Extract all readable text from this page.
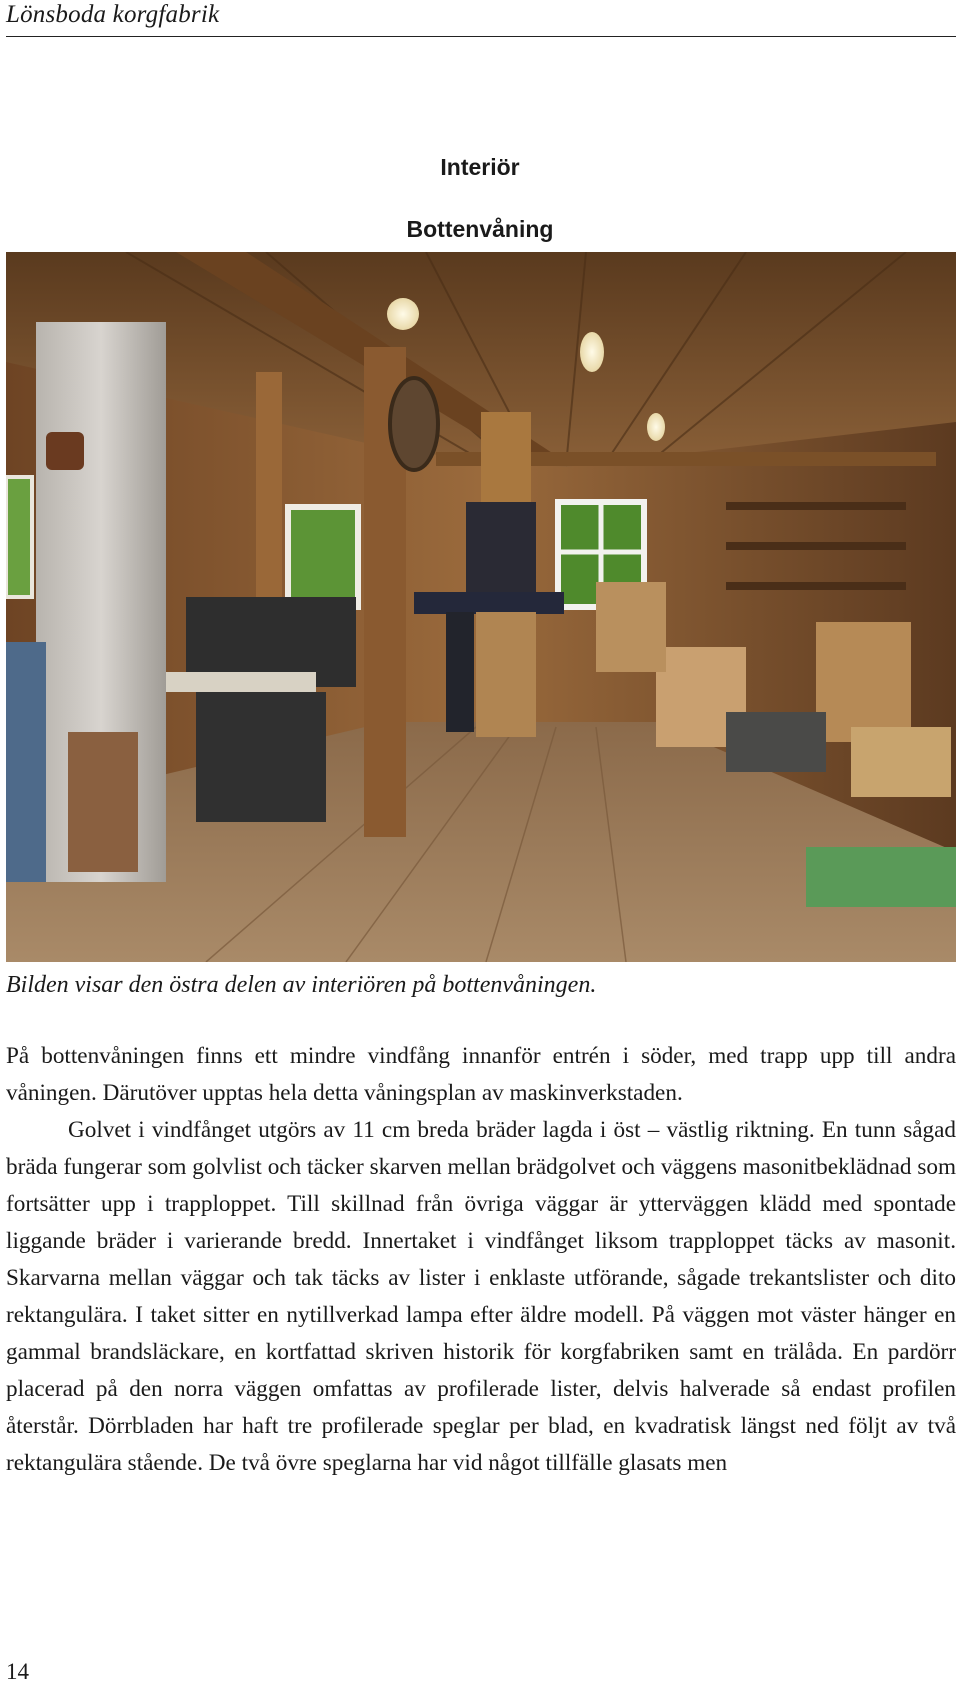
Lönsboda korgfabrik
Interiör
Bottenvåning
Bilden visar den östra delen av interiören på bottenvåningen.

På bottenvåningen finns ett mindre vindfång innanför entrén i söder, med trapp upp till andra våningen. Därutöver upptas hela detta våningsplan av maskinverkstaden.

Golvet i vindfånget utgörs av 11 cm breda bräder lagda i öst – västlig riktning. En tunn sågad bräda fungerar som golvlist och täcker skarven mellan brädgolvet och väggens masonitbeklädnad som fortsätter upp i trapploppet. Till skillnad från övriga väggar är ytterväggen klädd med spontade liggande bräder i varierande bredd. Innertaket i vindfånget liksom trapploppet täcks av masonit. Skarvarna mellan väggar och tak täcks av lister i enklaste utförande, sågade trekantslister och dito rektangulära. I taket sitter en nytillverkad lampa efter äldre modell. På väggen mot väster hänger en gammal brandsläckare, en kortfattad skriven historik för korgfabriken samt en trälåda. En pardörr placerad på den norra väggen omfattas av profilerade lister, delvis halverade så endast profilen återstår. Dörrbladen har haft tre profilerade speglar per blad, en kvadratisk längst ned följt av två rektangulära stående. De två övre speglarna har vid något tillfälle glasats men

14
